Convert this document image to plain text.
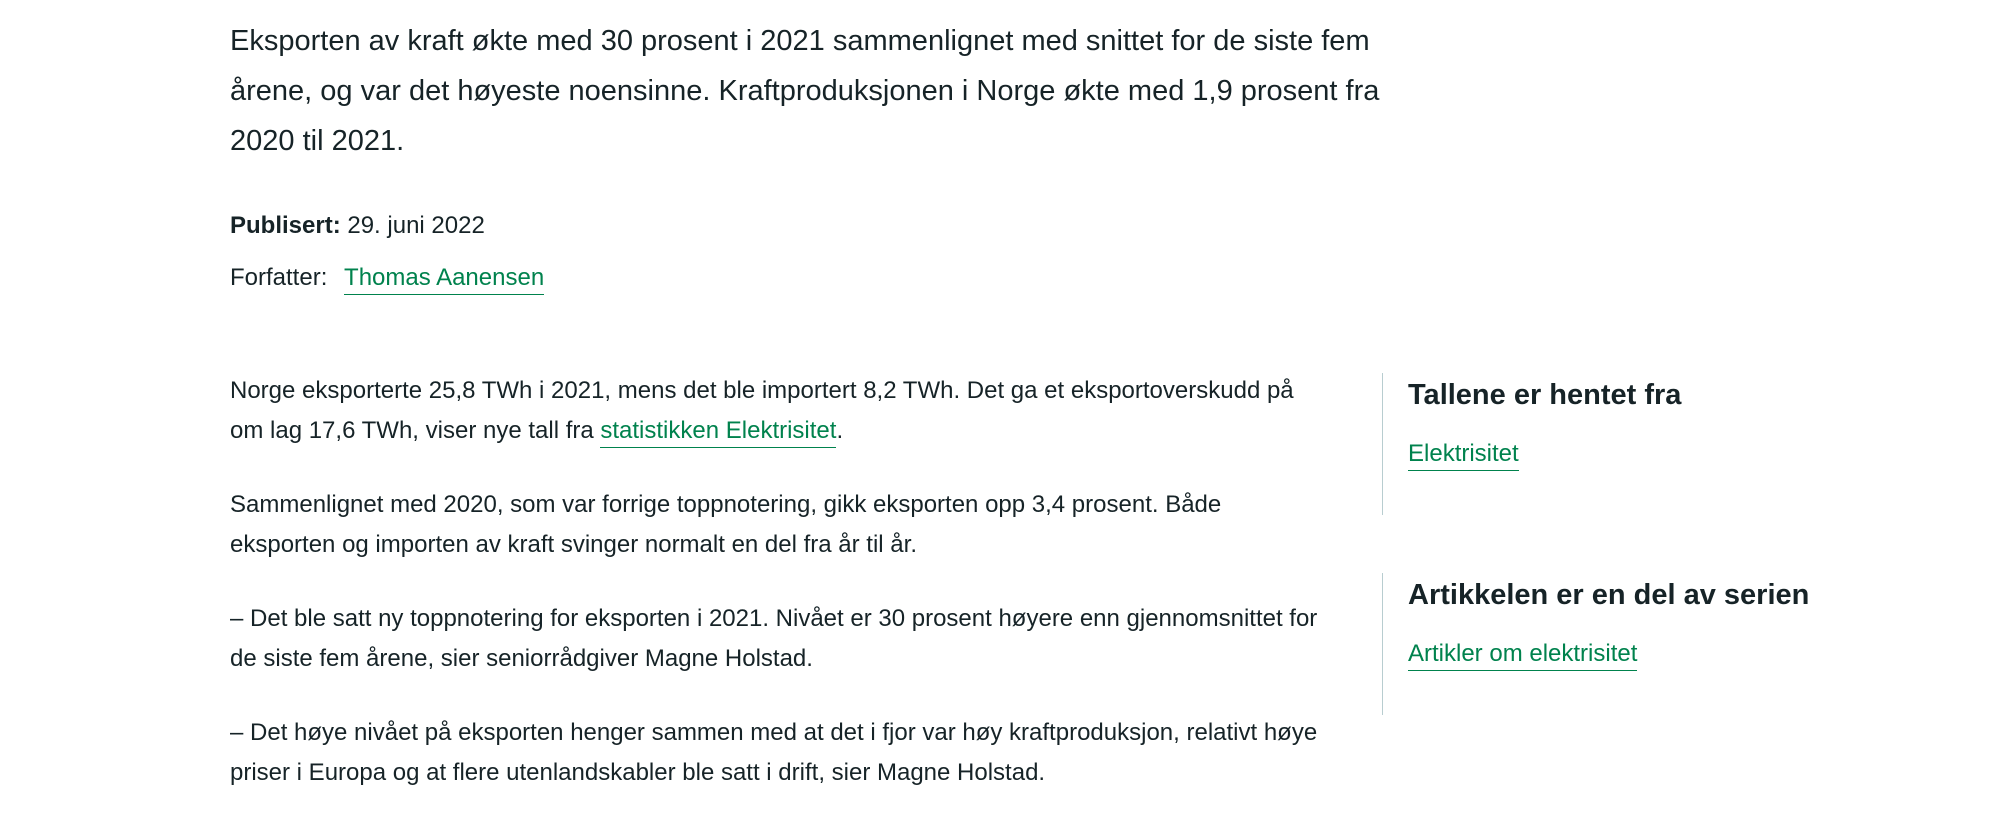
Eksporten av kraft økte med 30 prosent i 2021 sammenlignet med snittet for de siste fem årene, og var det høyeste noensinne. Kraftproduksjonen i Norge økte med 1,9 prosent fra 2020 til 2021.

Publisert: 29. juni 2022
Forfatter: Thomas Aanensen

Norge eksporterte 25,8 TWh i 2021, mens det ble importert 8,2 TWh. Det ga et eksportoverskudd på om lag 17,6 TWh, viser nye tall fra statistikken Elektrisitet.

Sammenlignet med 2020, som var forrige toppnotering, gikk eksporten opp 3,4 prosent. Både eksporten og importen av kraft svinger normalt en del fra år til år.

– Det ble satt ny toppnotering for eksporten i 2021. Nivået er 30 prosent høyere enn gjennomsnittet for de siste fem årene, sier seniorrådgiver Magne Holstad.

– Det høye nivået på eksporten henger sammen med at det i fjor var høy kraftproduksjon, relativt høye priser i Europa og at flere utenlandskabler ble satt i drift, sier Magne Holstad.

Tallene er hentet fra
Elektrisitet
Artikkelen er en del av serien
Artikler om elektrisitet
